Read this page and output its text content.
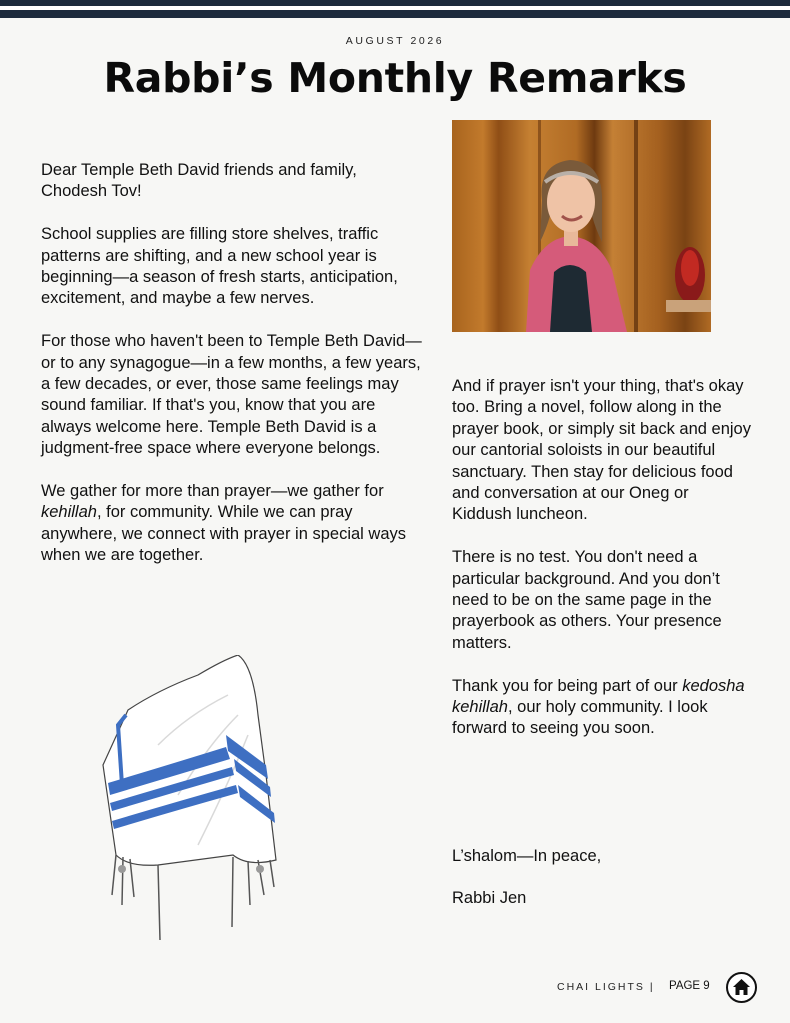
AUGUST 2026
Rabbi’s Monthly Remarks

Dear Temple Beth David friends and family,
Chodesh Tov!

School supplies are filling store shelves, traffic patterns are shifting, and a new school year is beginning—a season of fresh starts, anticipation, excitement, and maybe a few nerves.

For those who haven't been to Temple Beth David—or to any synagogue—in a few months, a few years, a few decades, or ever, those same feelings may sound familiar. If that's you, know that you are always welcome here. Temple Beth David is a judgment-free space where everyone belongs.

We gather for more than prayer—we gather for kehillah, for community. While we can pray anywhere, we connect with prayer in special ways when we are together.

And if prayer isn't your thing, that's okay too. Bring a novel, follow along in the prayer book, or simply sit back and enjoy our cantorial soloists in our beautiful sanctuary. Then stay for delicious food and conversation at our Oneg or Kiddush luncheon.

There is no test. You don't need a particular background. And you don’t need to be on the same page in the prayerbook as others. Your presence matters.

Thank you for being part of our kedosha kehillah, our holy community. I look forward to seeing you soon.

L’shalom—In peace,
Rabbi Jen
CHAI LIGHTS | PAGE 9
